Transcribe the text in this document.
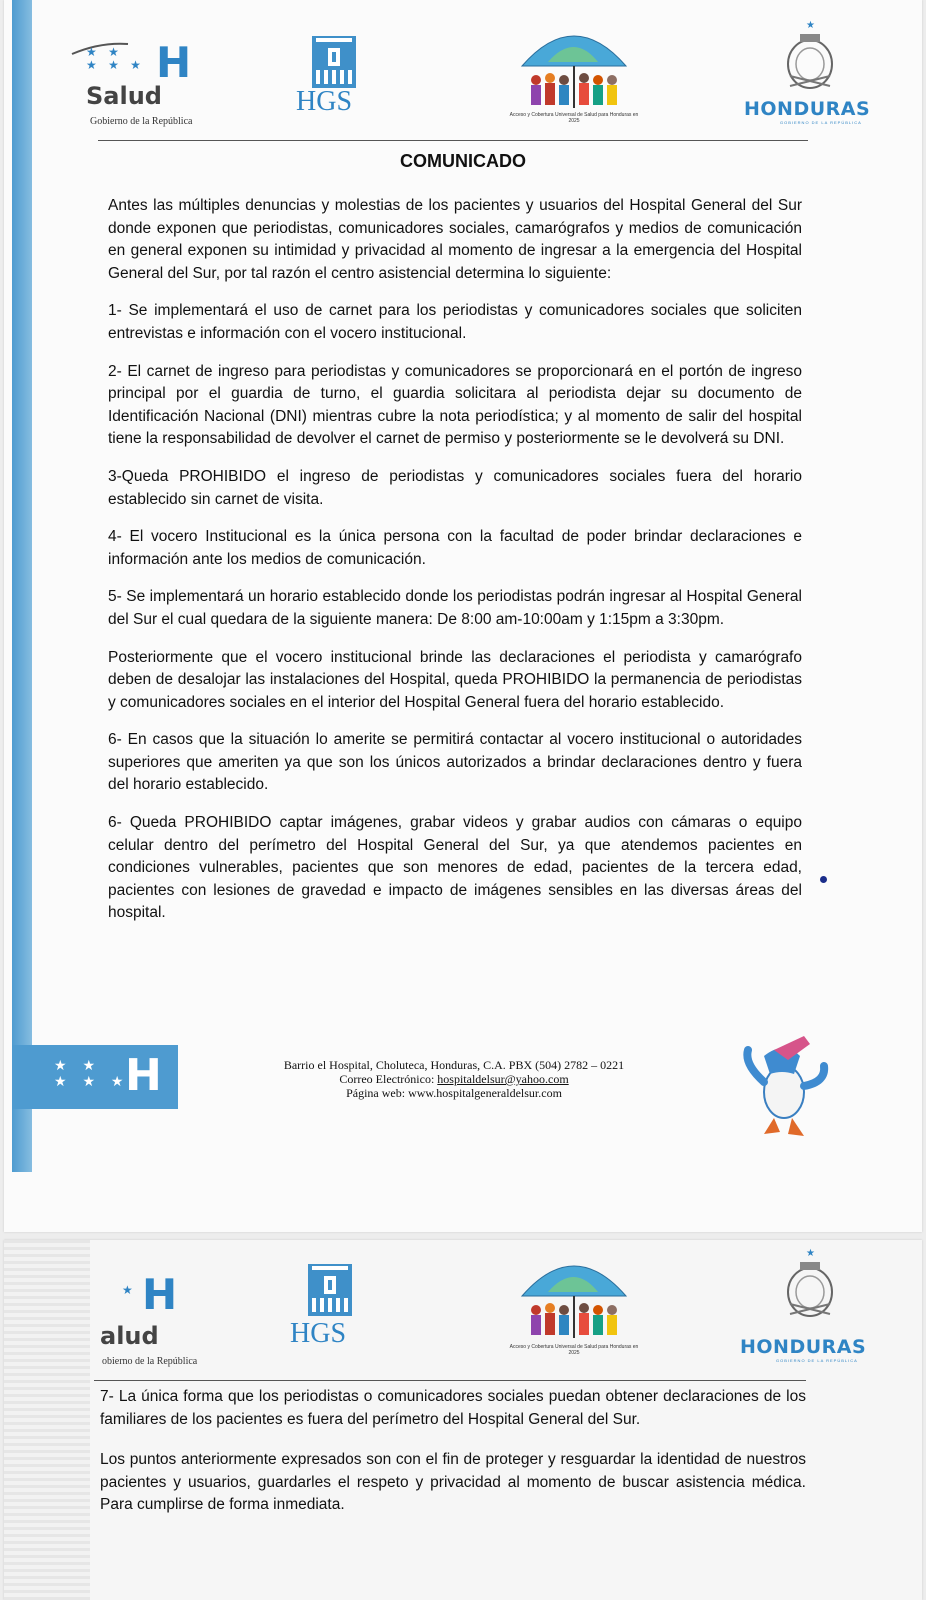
★ ★
★ ★ ★ H
Salud
Gobierno de la República
HGS	Acceso y Cobertura Universal de Salud para Honduras en 2025
★
HONDURAS
GOBIERNO DE LA REPÚBLICA
COMUNICADO

Antes las múltiples denuncias y molestias de los pacientes y usuarios del Hospital General del Sur donde exponen que periodistas, comunicadores sociales, camarógrafos y medios de comunicación en general exponen su intimidad y privacidad al momento de ingresar a la emergencia del Hospital General del Sur, por tal razón el centro asistencial determina lo siguiente:

1- Se implementará el uso de carnet para los periodistas y comunicadores sociales que soliciten entrevistas e información con el vocero institucional.

2- El carnet de ingreso para periodistas y comunicadores se proporcionará en el portón de ingreso principal por el guardia de turno, el guardia solicitara al periodista dejar su documento de Identificación Nacional (DNI) mientras cubre la nota periodística; y al momento de salir del hospital tiene la responsabilidad de devolver el carnet de permiso y posteriormente se le devolverá su DNI.

3-Queda PROHIBIDO el ingreso de periodistas y comunicadores sociales fuera del horario establecido sin carnet de visita.

4- El vocero Institucional es la única persona con la facultad de poder brindar declaraciones e información ante los medios de comunicación.

5- Se implementará un horario establecido donde los periodistas podrán ingresar al Hospital General del Sur el cual quedara de la siguiente manera: De 8:00 am-10:00am y 1:15pm a 3:30pm.

Posteriormente que el vocero institucional brinde las declaraciones el periodista y camarógrafo deben de desalojar las instalaciones del Hospital, queda PROHIBIDO la permanencia de periodistas y comunicadores sociales en el interior del Hospital General fuera del horario establecido.

6- En casos que la situación lo amerite se permitirá contactar al vocero institucional o autoridades superiores que ameriten ya que son los únicos autorizados a brindar declaraciones dentro y fuera del horario establecido.

6- Queda PROHIBIDO captar imágenes, grabar videos y grabar audios con cámaras o equipo celular dentro del perímetro del Hospital General del Sur, ya que atendemos pacientes en condiciones vulnerables, pacientes que son menores de edad, pacientes de la tercera edad, pacientes con lesiones de gravedad e impacto de imágenes sensibles en las diversas áreas del hospital.

★ ★
★ ★ ★
H	Barrio el Hospital, Choluteca, Honduras, C.A. PBX (504) 2782 – 0221
Correo Electrónico: hospitaldelsur@yahoo.com
Página web: www.hospitalgeneraldelsur.com
★ H
alud
obierno de la República
HGS	Acceso y Cobertura Universal de Salud para Honduras en 2025
★
HONDURAS
GOBIERNO DE LA REPÚBLICA

7- La única forma que los periodistas o comunicadores sociales puedan obtener declaraciones de los familiares de los pacientes es fuera del perímetro del Hospital General del Sur.

Los puntos anteriormente expresados son con el fin de proteger y resguardar la identidad de nuestros pacientes y usuarios, guardarles el respeto y privacidad al momento de buscar asistencia médica. Para cumplirse de forma inmediata.
